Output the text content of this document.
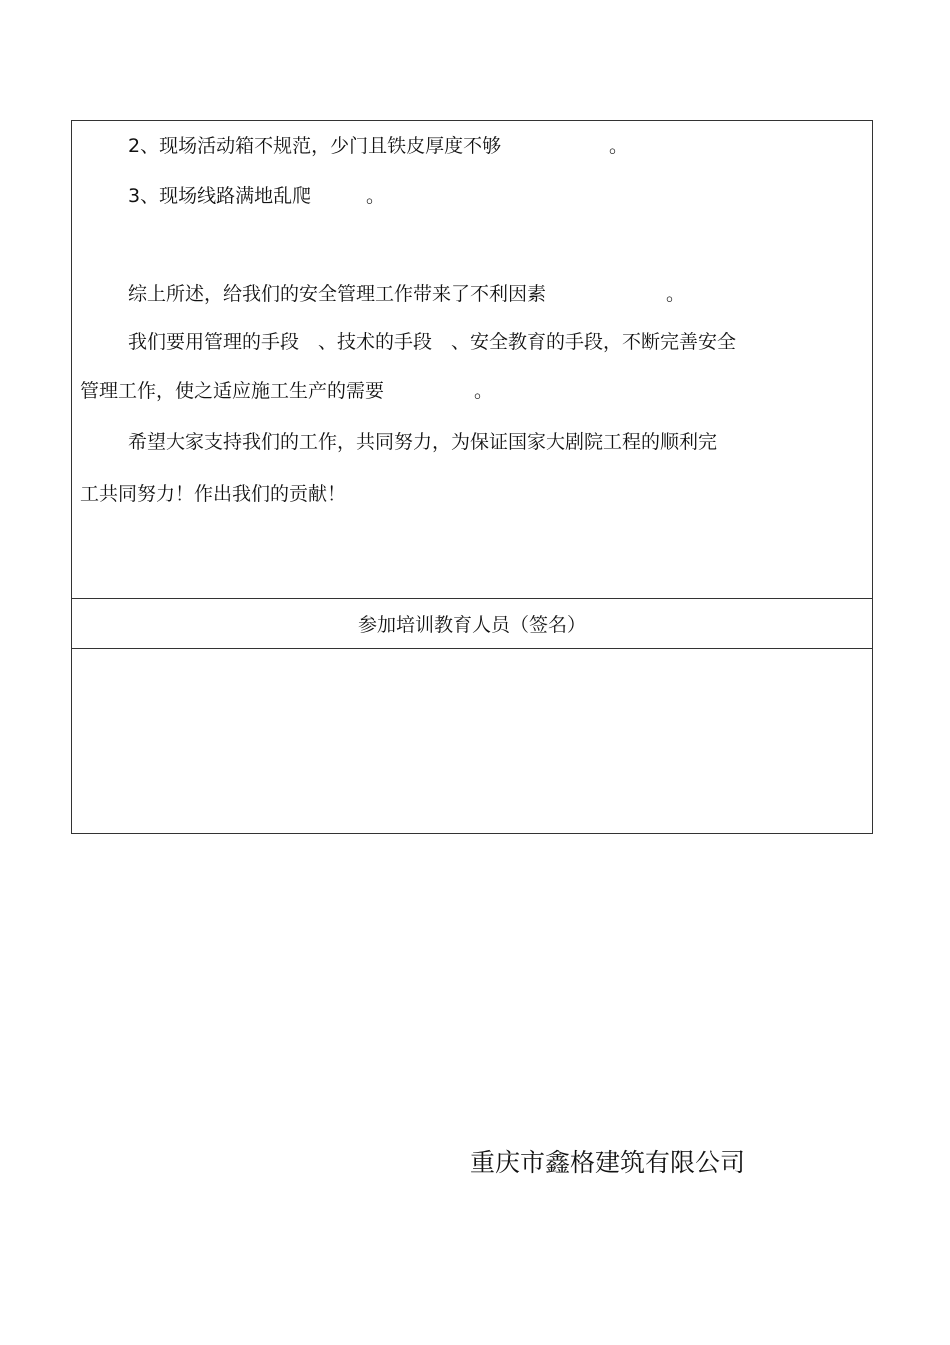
2、现场活动箱不规范，少门且铁皮厚度不够	。
3、现场线路满地乱爬	。
综上所述，给我们的安全管理工作带来了不利因素	。
我们要用管理的手段　、技术的手段　、安全教育的手段，不断完善安全
管理工作，使之适应施工生产的需要	。
希望大家支持我们的工作，共同努力，为保证国家大剧院工程的顺利完
工共同努力！作出我们的贡献！
参加培训教育人员（签名）
重庆市鑫格建筑有限公司
